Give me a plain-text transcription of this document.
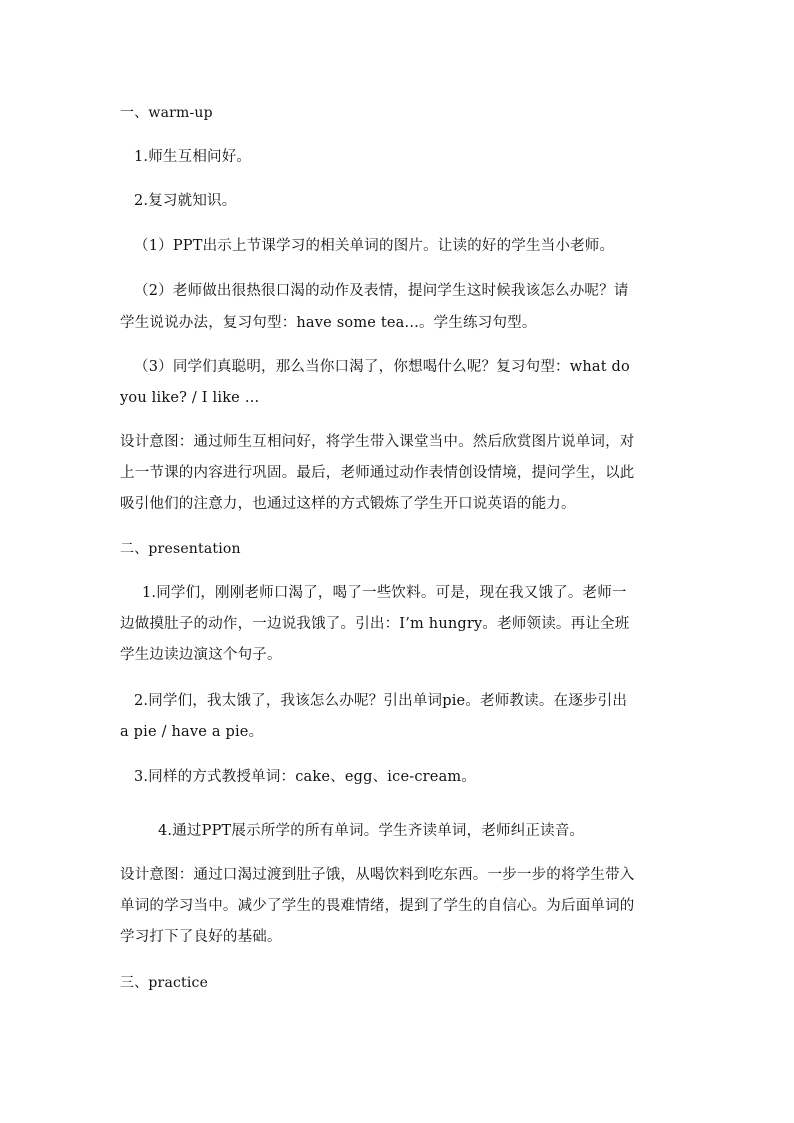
一、warm-up
1.师生互相问好。
2.复习就知识。
（1）PPT出示上节课学习的相关单词的图片。让读的好的学生当小老师。
（2）老师做出很热很口渴的动作及表情，提问学生这时候我该怎么办呢？请
学生说说办法，复习句型：have some tea...。学生练习句型。
（3）同学们真聪明，那么当你口渴了，你想喝什么呢？复习句型：what do
you like? / I like …
设计意图：通过师生互相问好，将学生带入课堂当中。然后欣赏图片说单词，对
上一节课的内容进行巩固。最后，老师通过动作表情创设情境，提问学生，以此
吸引他们的注意力，也通过这样的方式锻炼了学生开口说英语的能力。
二、presentation
1.同学们，刚刚老师口渴了，喝了一些饮料。可是，现在我又饿了。老师一
边做摸肚子的动作，一边说我饿了。引出：I’m hungry。老师领读。再让全班
学生边读边演这个句子。
2.同学们，我太饿了，我该怎么办呢？引出单词pie。老师教读。在逐步引出
a pie / have a pie。
3.同样的方式教授单词：cake、egg、ice-cream。
4.通过PPT展示所学的所有单词。学生齐读单词，老师纠正读音。
设计意图：通过口渴过渡到肚子饿，从喝饮料到吃东西。一步一步的将学生带入
单词的学习当中。减少了学生的畏难情绪，提到了学生的自信心。为后面单词的
学习打下了良好的基础。
三、practice
